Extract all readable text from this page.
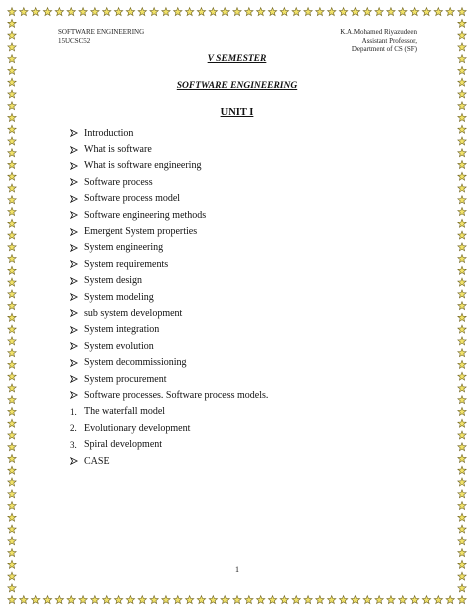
SOFTWARE ENGINEERING
15UCSC52
K.A.Mohamed Riyazudeen
Assistant Professor,
Department of CS (SF)
V SEMESTER
SOFTWARE ENGINEERING
UNIT I
Introduction
What is software
What is software engineering
Software process
Software process model
Software engineering methods
Emergent System properties
System engineering
System requirements
System design
System modeling
sub system development
System integration
System evolution
System decommissioning
System procurement
Software processes. Software process models.
1. The waterfall model
2. Evolutionary development
3. Spiral development
CASE
1
